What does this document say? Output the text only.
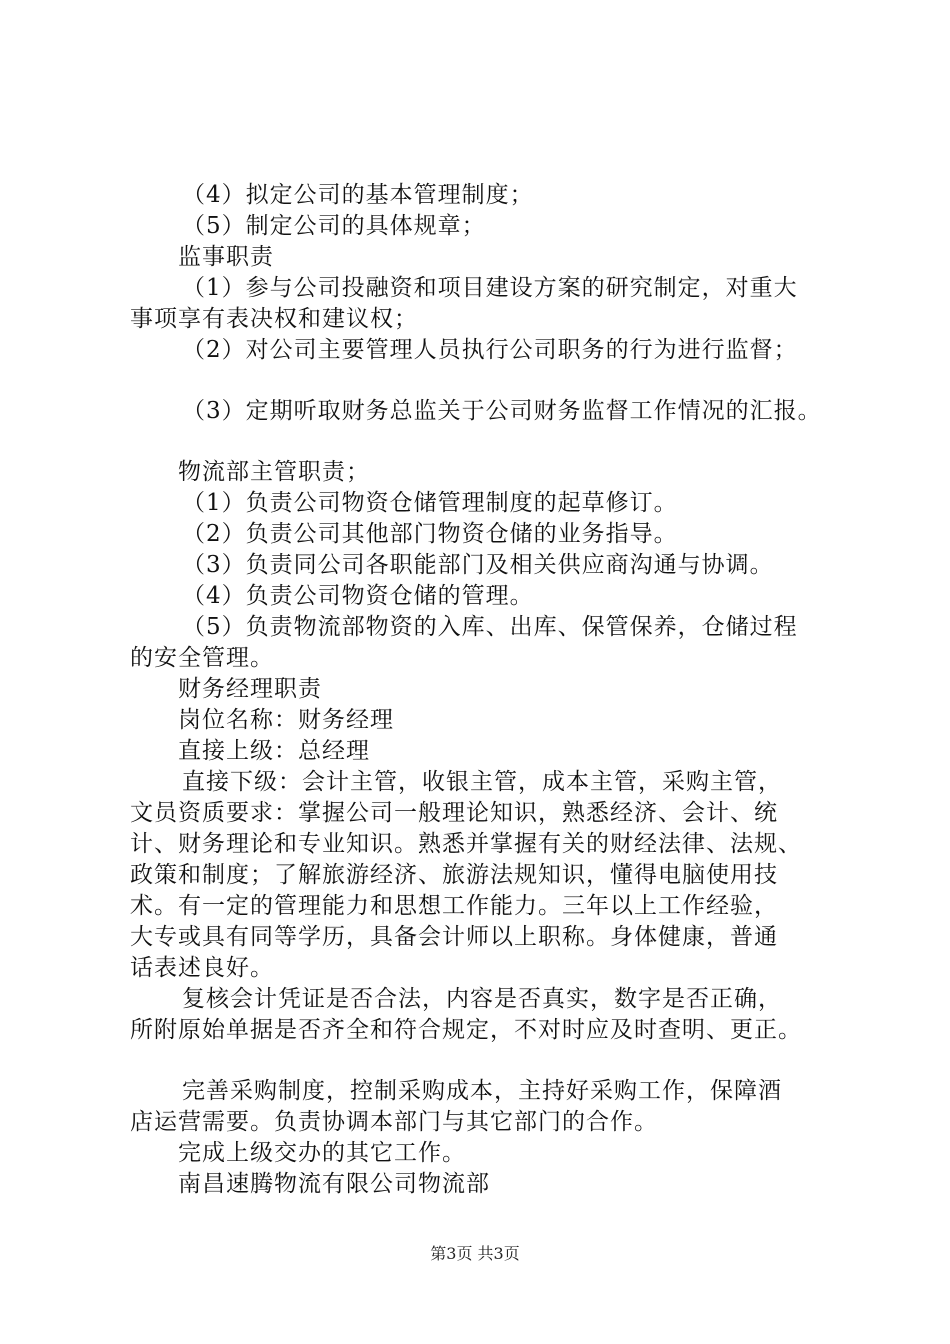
（4）拟定公司的基本管理制度；
（5）制定公司的具体规章；
监事职责
（1）参与公司投融资和项目建设方案的研究制定，对重大
事项享有表决权和建议权；
（2）对公司主要管理人员执行公司职务的行为进行监督；
（3）定期听取财务总监关于公司财务监督工作情况的汇报。
物流部主管职责；
（1）负责公司物资仓储管理制度的起草修订。
（2）负责公司其他部门物资仓储的业务指导。
（3）负责同公司各职能部门及相关供应商沟通与协调。
（4）负责公司物资仓储的管理。
（5）负责物流部物资的入库、出库、保管保养，仓储过程
的安全管理。
财务经理职责
岗位名称：财务经理
直接上级：总经理
直接下级：会计主管，收银主管，成本主管，采购主管，
文员资质要求：掌握公司一般理论知识，熟悉经济、会计、统
计、财务理论和专业知识。熟悉并掌握有关的财经法律、法规、
政策和制度；了解旅游经济、旅游法规知识，懂得电脑使用技
术。有一定的管理能力和思想工作能力。三年以上工作经验，
大专或具有同等学历，具备会计师以上职称。身体健康，普通
话表述良好。
复核会计凭证是否合法，内容是否真实，数字是否正确，
所附原始单据是否齐全和符合规定，不对时应及时查明、更正。
完善采购制度，控制采购成本，主持好采购工作，保障酒
店运营需要。负责协调本部门与其它部门的合作。
完成上级交办的其它工作。
南昌速腾物流有限公司物流部
第3页 共3页
